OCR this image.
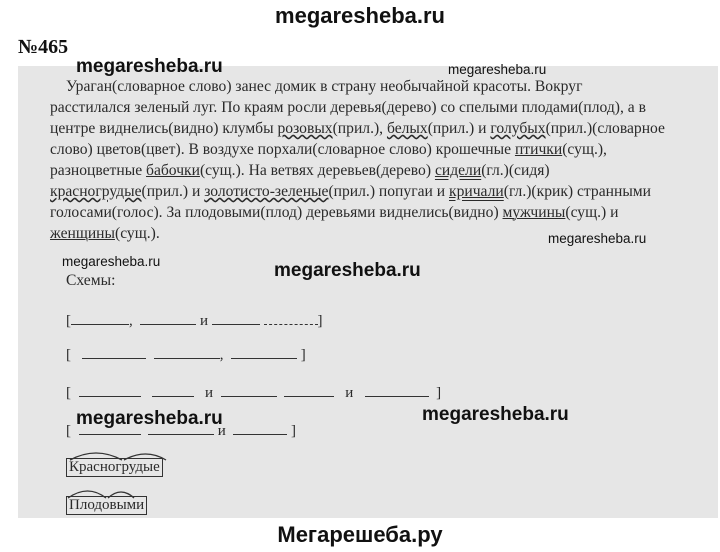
megaresheba.ru
№465
Ураган(словарное слово) занес домик в страну необычайной красоты. Вокруг
расстилался зеленый луг. По краям росли деревья(дерево) со спелыми плодами(плод), а в
центре виднелись(видно) клумбы розовых(прил.), белых(прил.) и голубых(прил.)(словарное
слово) цветов(цвет). В воздухе порхали(словарное слово) крошечные птички(сущ.),
разноцветные бабочки(сущ.). На ветвях деревьев(дерево) сидели(гл.)(сидя)
красногрудые(прил.) и золотисто-зеленые(прил.) попугаи и кричали(гл.)(крик) странными
голосами(голос). За плодовыми(плод) деревьями виднелись(видно) мужчины(сущ.) и
женщины(сущ.).
megaresheba.ru	megaresheba.ru
megaresheba.ru
megaresheba.ru	megaresheba.ru
megaresheba.ru	megaresheba.ru
Схемы:
[	,	и	]
[	,	]
[	и	и	]
[	и	]
Красногрудые
Плодовыми
Мегарешеба.ру
